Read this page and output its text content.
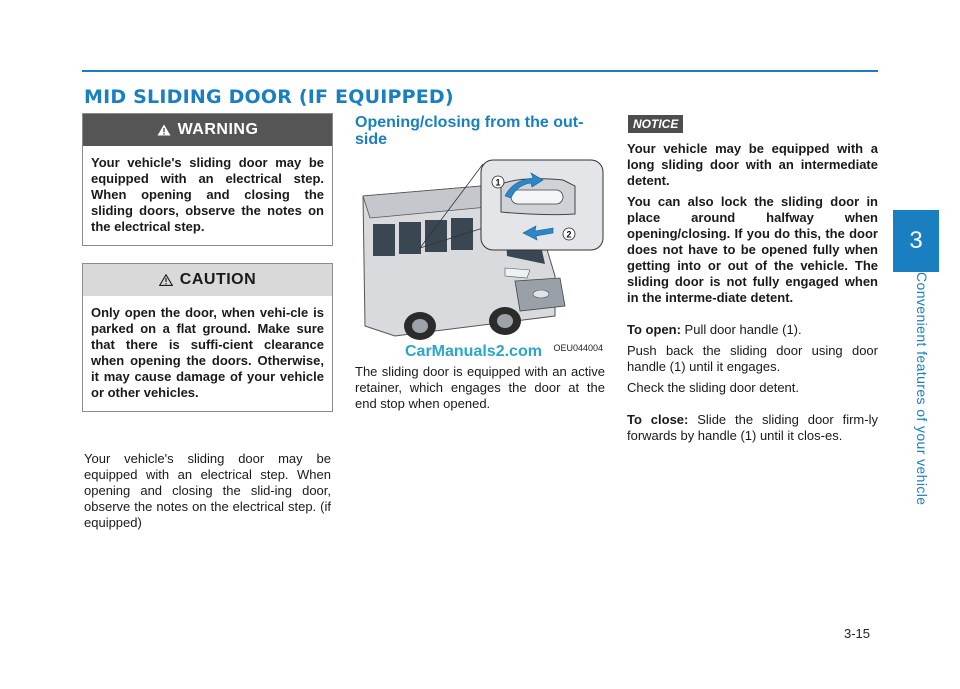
MID SLIDING DOOR (IF EQUIPPED)
3
Convenient features of your vehicle
3-15
WARNING
Your vehicle's sliding door may be equipped with an electrical step. When opening and closing the sliding doors, observe the notes on the electrical step.
CAUTION
Only open the door, when vehi-cle is parked on a flat ground. Make sure that there is suffi-cient clearance when opening the doors. Otherwise, it may cause damage of your vehicle or other vehicles.

Your vehicle's sliding door may be equipped with an electrical step. When opening and closing the slid-ing door, observe the notes on the electrical step. (if equipped)

Opening/closing from the out-side
1
2
OEU044004
CarManuals2.com

The sliding door is equipped with an active retainer, which engages the door at the end stop when opened.

NOTICE

Your vehicle may be equipped with a long sliding door with an intermediate detent.

You can also lock the sliding door in place around halfway when opening/closing. If you do this, the door does not have to be opened fully when getting into or out of the vehicle. The sliding door is not fully engaged when in the interme-diate detent.

To open: Pull door handle (1).

Push back the sliding door using door handle (1) until it engages.

Check the sliding door detent.

To close: Slide the sliding door firm-ly forwards by handle (1) until it clos-es.
